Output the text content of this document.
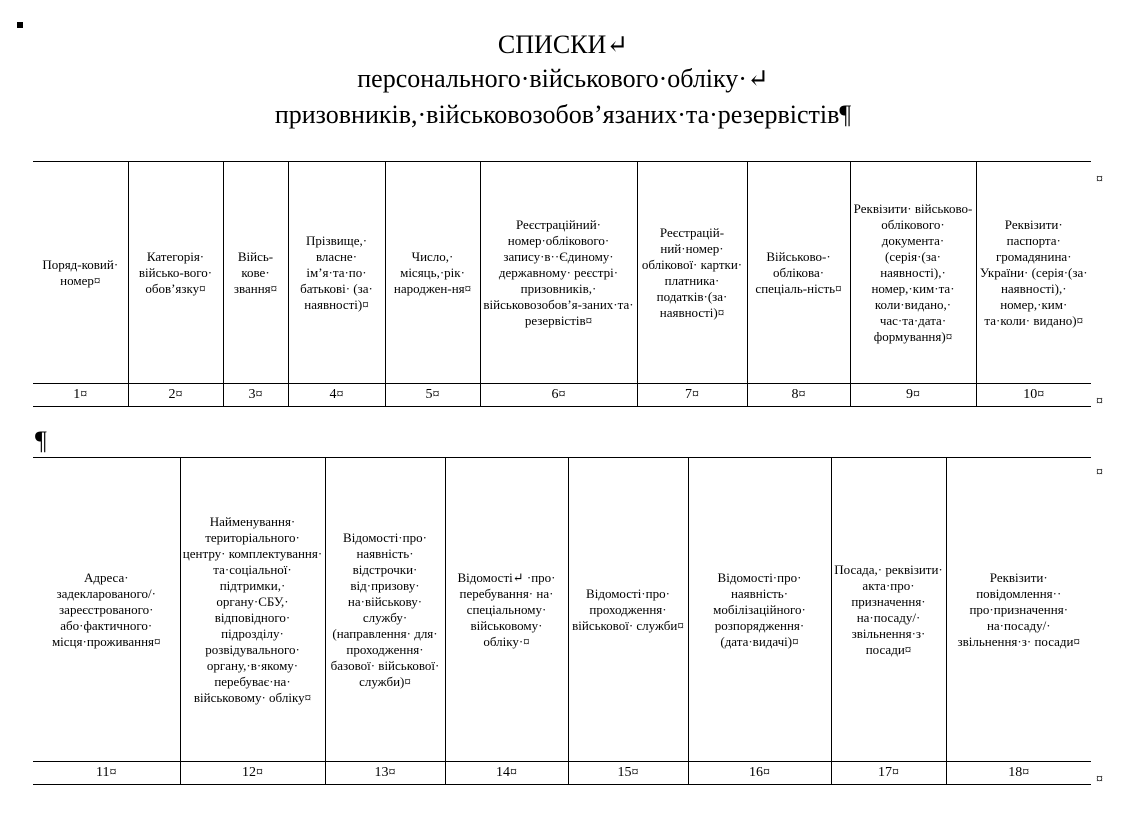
СПИСКИ↵
персонального·військового·обліку·↵
призовників,·військовозобов’язаних·та·резервістів¶
Поряд-ковий· номер¤	Категорія· військо-вого· обов’язку¤	Війсь-кове· звання¤	Прізвище,· власне· ім’я·та·по· батькові· (за· наявності)¤	Число,· місяць,·рік· народжен-ня¤	Реєстраційний· номер·облікового· запису·в··Єдиному· державному· реєстрі· призовників,· військовозобов’я-заних·та· резервістів¤	Реєстрацій-ний·номер· облікової· картки· платника· податків·(за· наявності)¤	Військово-· облікова· спеціаль-ність¤	Реквізити· військово-облікового· документа· (серія·(за· наявності),· номер,·ким·та· коли·видано,· час·та·дата· формування)¤	Реквізити· паспорта· громадянина· України· (серія·(за· наявності),· номер,·ким· та·коли· видано)¤
1¤	2¤	3¤	4¤	5¤	6¤	7¤	8¤	9¤	10¤
¤
¤
¶
Адреса· задекларованого/· зареєстрованого· або·фактичного· місця·проживання¤	Найменування· територіального· центру· комплектування· та·соціальної· підтримки,· органу·СБУ,· відповідного· підрозділу· розвідувального· органу,·в·якому· перебуває·на· військовому· обліку¤	Відомості·про· наявність· відстрочки· від·призову· на·військову· службу· (направлення· для· проходження· базової· військової· служби)¤	Відомості↵ ·про· перебування· на· спеціальному· військовому· обліку·¤	Відомості·про· проходження· військової· служби¤	Відомості·про· наявність· мобілізаційного· розпорядження· (дата·видачі)¤	Посада,· реквізити· акта·про· призначення· на·посаду/· звільнення·з· посади¤	Реквізити· повідомлення·· про·призначення· на·посаду/· звільнення·з· посади¤
11¤	12¤	13¤	14¤	15¤	16¤	17¤	18¤
¤
¤
